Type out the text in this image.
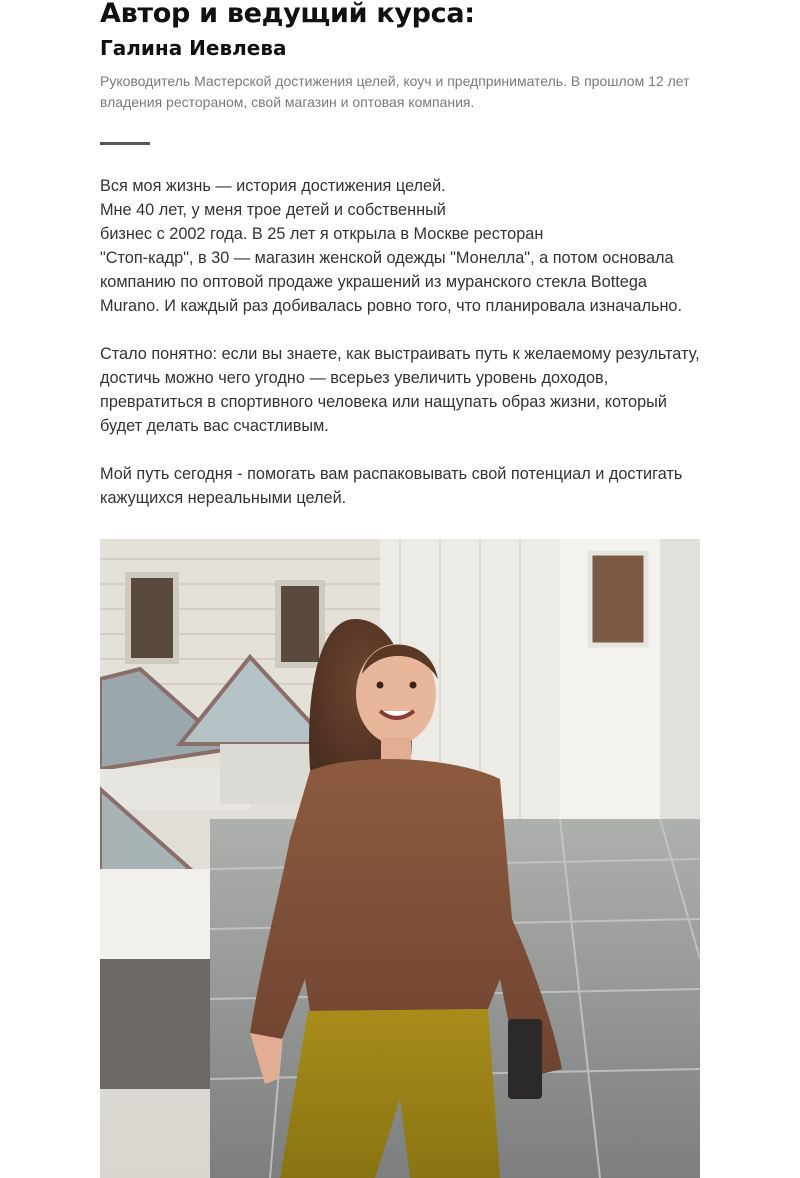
Автор и ведущий курса:
Галина Иевлева

Руководитель Мастерской достижения целей, коуч и предприниматель. В прошлом 12 лет владения рестораном, свой магазин и оптовая компания.

Вся моя жизнь — история достижения целей.
Мне 40 лет, у меня трое детей и собственный
бизнес с 2002 года. В 25 лет я открыла в Москве ресторан
"Стоп-кадр", в 30 — магазин женской одежды "Монелла", а потом основала
компанию по оптовой продаже украшений из муранского стекла Bottega
Murano. И каждый раз добивалась ровно того, что планировала изначально.

Стало понятно: если вы знаете, как выстраивать путь к желаемому результату,
достичь можно чего угодно — всерьез увеличить уровень доходов,
превратиться в спортивного человека или нащупать образ жизни, который
будет делать вас счастливым.

Мой путь сегодня - помогать вам распаковывать свой потенциал и достигать
кажущихся нереальными целей.
